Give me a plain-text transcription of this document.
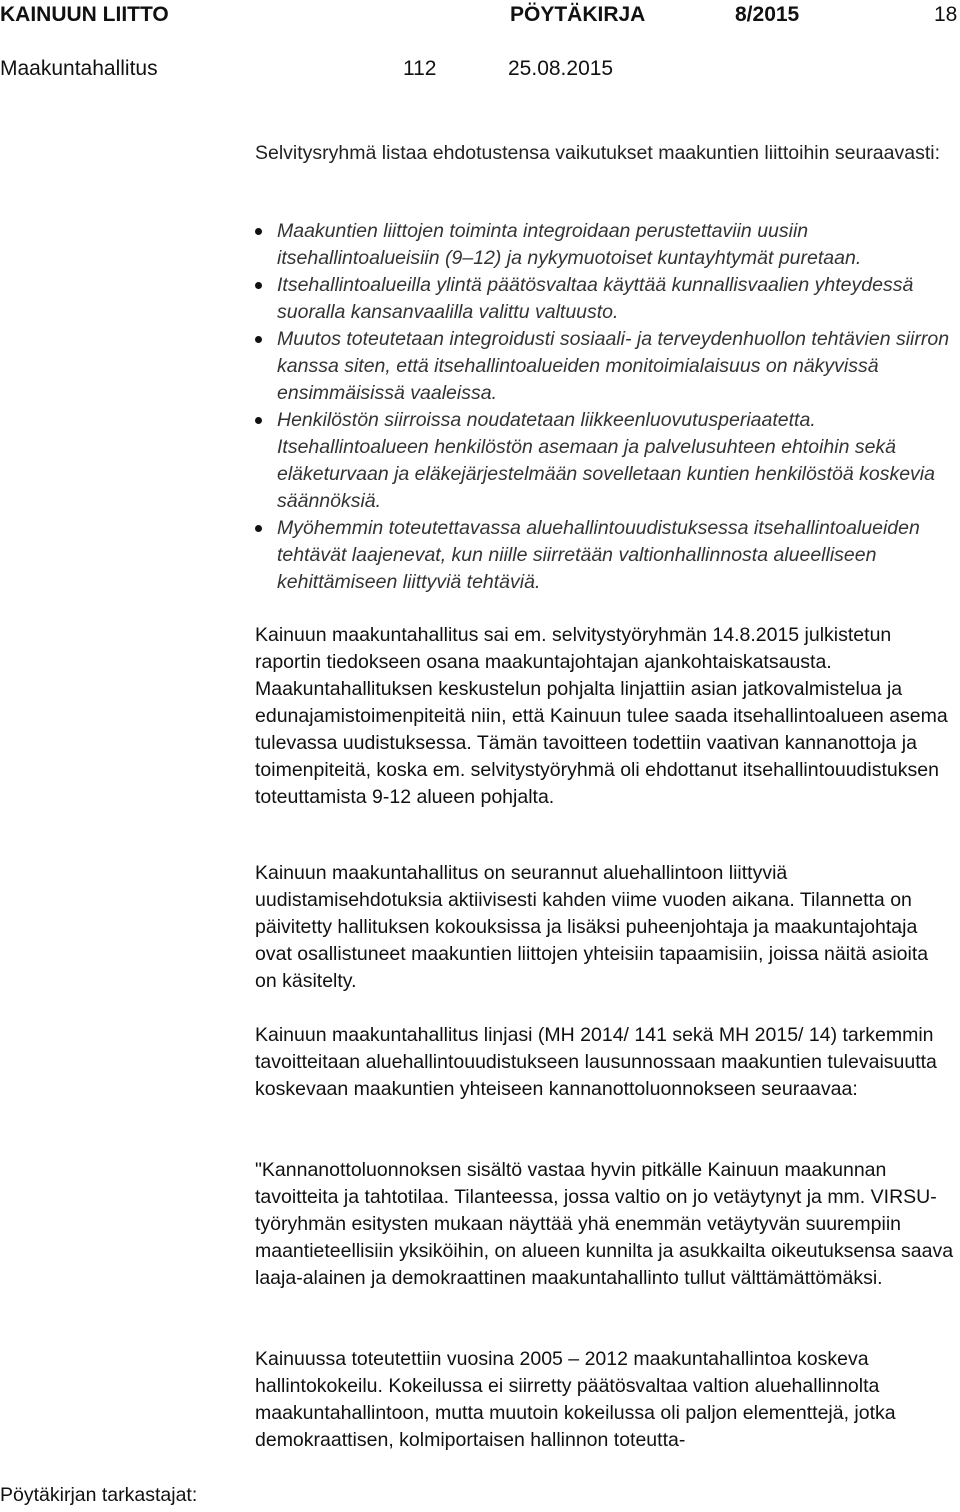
KAINUUN LIITTO	PÖYTÄKIRJA	8/2015	18
Maakuntahallitus	112	25.08.2015

Selvitysryhmä listaa ehdotustensa vaikutukset maakuntien liittoihin seuraavasti:

Maakuntien liittojen toiminta integroidaan perustettaviin uusiin itsehallintoalueisiin (9–12) ja nykymuotoiset kuntayhtymät puretaan.
Itsehallintoalueilla ylintä päätösvaltaa käyttää kunnallisvaalien yhteydessä suoralla kansanvaalilla valittu valtuusto.
Muutos toteutetaan integroidusti sosiaali- ja terveydenhuollon tehtävien siirron kanssa siten, että itsehallintoalueiden monitoimialaisuus on näkyvissä ensimmäisissä vaaleissa.
Henkilöstön siirroissa noudatetaan liikkeenluovutusperiaatetta. Itsehallintoalueen henkilöstön asemaan ja palvelusuhteen ehtoihin sekä eläketurvaan ja eläkejärjestelmään sovelletaan kuntien henkilöstöä koskevia säännöksiä.
Myöhemmin toteutettavassa aluehallintouudistuksessa itsehallintoalueiden tehtävät laajenevat, kun niille siirretään valtionhallinnosta alueelliseen kehittämiseen liittyviä tehtäviä.

Kainuun maakuntahallitus sai em. selvitystyöryhmän 14.8.2015 julkistetun raportin tiedokseen osana maakuntajohtajan ajankohtaiskatsausta. Maakuntahallituksen keskustelun pohjalta linjattiin asian jatkovalmistelua ja edunajamistoimenpiteitä niin, että Kainuun tulee saada itsehallintoalueen asema tulevassa uudistuksessa. Tämän tavoitteen todettiin vaativan kannanottoja ja toimenpiteitä, koska em. selvitystyöryhmä oli ehdottanut itsehallintouudistuksen toteuttamista 9-12 alueen pohjalta.

Kainuun maakuntahallitus on seurannut aluehallintoon liittyviä uudistamisehdotuksia aktiivisesti kahden viime vuoden aikana. Tilannetta on päivitetty hallituksen kokouksissa ja lisäksi puheenjohtaja ja maakuntajohtaja ovat osallistuneet maakuntien liittojen yhteisiin tapaamisiin, joissa näitä asioita on käsitelty.

Kainuun maakuntahallitus linjasi (MH 2014/ 141 sekä MH 2015/ 14) tarkemmin tavoitteitaan aluehallintouudistukseen lausunnossaan maakuntien tulevaisuutta koskevaan maakuntien yhteiseen kannanottoluonnokseen seuraavaa:

"Kannanottoluonnoksen sisältö vastaa hyvin pitkälle Kainuun maakunnan tavoitteita ja tahtotilaa. Tilanteessa, jossa valtio on jo vetäytynyt ja mm. VIRSU-työryhmän esitysten mukaan näyttää yhä enemmän vetäytyvän suurempiin maantieteellisiin yksiköihin, on alueen kunnilta ja asukkailta oikeutuksensa saava laaja-alainen ja demokraattinen maakuntahallinto tullut välttämättömäksi.

Kainuussa toteutettiin vuosina 2005 – 2012 maakuntahallintoa koskeva hallintokokeilu. Kokeilussa ei siirretty päätösvaltaa valtion aluehallinnolta maakuntahallintoon, mutta muutoin kokeilussa oli paljon elementtejä, jotka demokraattisen, kolmiportaisen hallinnon toteutta-

Pöytäkirjan tarkastajat:
